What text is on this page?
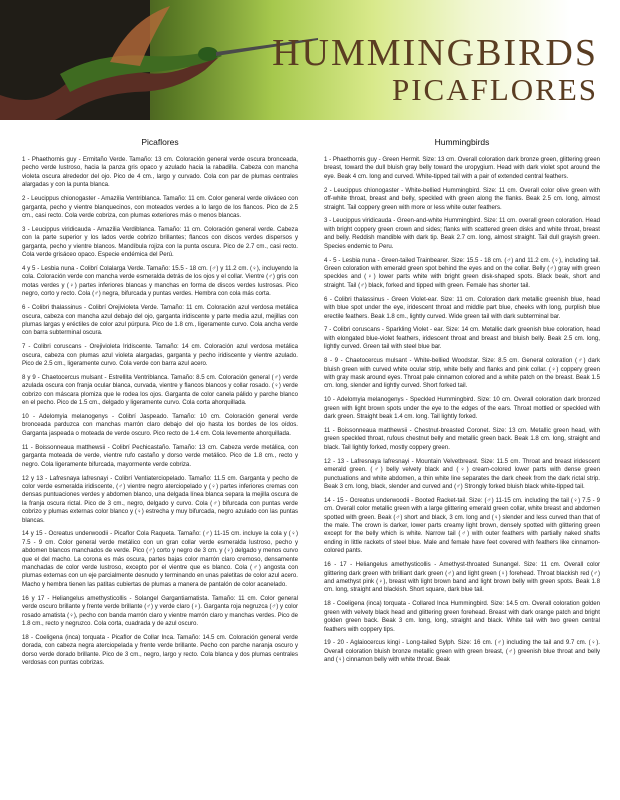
HUMMINGBIRDS
PICAFLORES
Picaflores

1 - Phaethornis guy - Ermitaño Verde. Tamaño: 13 cm. Coloración general verde oscura bronceada, pecho verde lustroso, hacia la panza gris opaco y azulado hacia la rabadilla. Cabeza con mancha violeta oscura alrededor del ojo. Pico de 4 cm., largo y curvado. Cola con par de plumas centrales alargadas y con la punta blanca.

2 - Leucippus chionogaster - Amazilia Ventriblanca. Tamaño: 11 cm. Color general verde oliváceo con garganta, pecho y vientre blanquecinos, con moteados verdes a lo largo de los flancos. Pico de 2.5 cm., casi recto. Cola verde cobriza, con plumas exteriores más o menos blancas.

3 - Leucippus viridicauda - Amazilia Verdiblanca. Tamaño: 11 cm. Coloración general verde. Cabeza con la parte superior y los lados verde cobrizo brillantes; flancos con discos verdes dispersos y garganta, pecho y vientre blancos. Mandíbula rojiza con la punta oscura. Pico de 2.7 cm., casi recto. Cola verde grisáceo opaco. Especie endémica del Perú.

4 y 5 - Lesbia nuna - Colibrí Colalarga Verde. Tamaño: 15.5 - 18 cm. (♂) y 11.2 cm. (♀), incluyendo la cola. Coloración verde con mancha verde esmeralda detrás de los ojos y el collar. Vientre (♂) gris con motas verdes y (♀) partes inferiores blancas y manchas en forma de discos verdes lustrosas. Pico negro, corto y recto. Cola (♂) negra, bifurcada y puntas verdes. Hembra con cola más corta.

6 - Colibri thalassinus - Colibrí Orejivioleta Verde. Tamaño: 11 cm. Coloración azul verdosa metálica oscura, cabeza con mancha azul debajo del ojo, garganta iridiscente y parte media azul, mejillas con plumas largas y eréctiles de color azul púrpura. Pico de 1.8 cm., ligeramente curvo. Cola ancha verde con barra subterminal oscura.

7 - Colibri coruscans - Orejivioleta Iridiscente. Tamaño: 14 cm. Coloración azul verdosa metálica oscura, cabeza con plumas azul violeta alargadas, garganta y pecho iridiscente y vientre azulado. Pico de 2.5 cm., ligeramente curvo. Cola verde con barra azul acero.

8 y 9 - Chaetocercus mulsant - Estrellita Ventriblanca. Tamaño: 8.5 cm. Coloración general (♂) verde azulada oscura con franja ocular blanca, curvada, vientre y flancos blancos y collar rosado. (♀) verde cobrizo con máscara plomiza que le rodea los ojos. Garganta de color canela pálido y parche blanco en el pecho. Pico de 1.5 cm., delgado y ligeramente curvo. Cola corta ahorquillada.

10 - Adelomyia melanogenys - Colibrí Jaspeado. Tamaño: 10 cm. Coloración general verde bronceada parduzca con manchas marrón claro debajo del ojo hasta los bordes de los oídos. Garganta jaspeada o moteada de verde oscuro. Pico recto de 1.4 cm. Cola levemente ahorquillada.

11 - Boissonneaua matthewsii - Colibrí Pechicastaño. Tamaño: 13 cm. Cabeza verde metálica, con garganta moteada de verde, vientre rufo castaño y dorso verde metálico. Pico de 1.8 cm., recto y negro. Cola ligeramente bifurcada, mayormente verde cobriza.

12 y 13 - Lafresnaya lafresnayi - Colibrí Ventiaterciopelado. Tamaño: 11.5 cm. Garganta y pecho de color verde esmeralda iridiscente, (♂) vientre negro aterciopelado y (♀) partes inferiores cremas con densas puntuaciones verdes y abdomen blanco, una delgada línea blanca separa la mejilla oscura de la franja oscura rictal. Pico de 3 cm., negro, delgado y curvo. Cola (♂) bifurcada con puntas verde cobrizo y plumas externas color blanco y (♀) estrecha y muy bifurcada, negro azulado con las puntas blancas.

14 y 15 - Ocreatus underwoodii - Picaflor Cola Raqueta. Tamaño: (♂) 11-15 cm. incluye la cola y (♀) 7.5 - 9 cm. Color general verde metálico con un gran collar verde esmeralda lustroso, pecho y abdomen blancos manchados de verde. Pico (♂) corto y negro de 3 cm. y (♀) delgado y menos curvo que el del macho. La corona es más oscura, partes bajas color marrón claro cremoso, densamente manchadas de color verde lustroso, excepto por el vientre que es blanco. Cola (♂) angosta con plumas externas con un eje parcialmente desnudo y terminando en unas paletitas de color azul acero. Macho y hembra tienen las patitas cubiertas de plumas a manera de pantalón de color acanelado.

16 y 17 - Heliangelus amethysticollis - Solangel Gargantiamatista. Tamaño: 11 cm. Color general verde oscuro brillante y frente verde brillante (♂) y verde claro (♀). Garganta roja negruzca (♂) y color rosado amatista (♀), pecho con banda marrón claro y vientre marrón claro y manchas verdes. Pico de 1.8 cm., recto y negruzco. Cola corta, cuadrada y de azul oscuro.

18 - Coeligena (inca) torquata - Picaflor de Collar Inca. Tamaño: 14.5 cm. Coloración general verde dorada, con cabeza negra aterciopelada y frente verde brillante. Pecho con parche naranja oscuro y dorso verde dorado brillante. Pico de 3 cm., negro, largo y recto. Cola blanca y dos plumas centrales verdosas con puntas cobrizas.

Hummingbirds

1 - Phaethornis guy - Green Hermit. Size: 13 cm. Overall coloration dark bronze green, glittering green breast, toward the dull bluish gray belly toward the uropygium. Head with dark violet spot around the eye. Beak 4 cm. long and curved. White-tipped tail with a pair of extended central feathers.

2 - Leucippus chionogaster - White-bellied Hummingbird. Size: 11 cm. Overall color olive green with off-white throat, breast and belly, speckled with green along the flanks. Beak 2.5 cm. long, almost straight. Tail coppery green with more or less white outer feathers.

3 - Leucippus viridicauda - Green-and-white Hummingbird. Size: 11 cm. overall green coloration. Head with bright coppery green crown and sides; flanks with scattered green disks and white throat, breast and belly. Reddish mandible with dark tip. Beak 2.7 cm. long, almost straight. Tail dull grayish green. Species endemic to Peru.

4 - 5 - Lesbia nuna - Green-tailed Trainbearer. Size: 15.5 - 18 cm. (♂) and 11.2 cm. (♀), including tail. Green coloration with emerald green spot behind the eyes and on the collar. Belly (♂) gray with green speckles and (♀) lower parts white with bright green disk-shaped spots. Black beak, short and straight. Tail (♂) black, forked and tipped with green. Female has shorter tail.

6 - Colibri thalassinus - Green Violet-ear. Size: 11 cm. Coloration dark metallic greenish blue, head with blue spot under the eye, iridescent throat and middle part blue, cheeks with long, purplish blue erectile feathers. Beak 1.8 cm., lightly curved. Wide green tail with dark subterminal bar.

7 - Colibri coruscans - Sparkling Violet - ear. Size: 14 cm. Metallic dark greenish blue coloration, head with elongated blue-violet feathers, iridescent throat and breast and bluish belly. Beak 2.5 cm. long, lightly curved. Green tail with steel blue bar.

8 - 9 - Chaetocercus mulsant - White-bellied Woodstar. Size: 8.5 cm. General coloration (♂) dark bluish green with curved white ocular strip, white belly and flanks and pink collar. (♀) coppery green with gray mask around eyes. Throat pale cinnamon colored and a white patch on the breast. Beak 1.5 cm. long, slender and lightly curved. Short forked tail.

10 - Adelomyia melanogenys - Speckled Hummingbird. Size: 10 cm. Overall coloration dark bronzed green with light brown spots under the eye to the edges of the ears. Throat mottled or speckled with dark green. Straight beak 1.4 cm. long. Tail lightly forked.

11 - Boissonneaua matthewsii - Chestnut-breasted Coronet. Size: 13 cm. Metallic green head, with green speckled throat, rufous chestnut belly and metallic green back. Beak 1.8 cm. long, straight and black. Tail lightly forked, mostly coppery green.

12 - 13 - Lafresnaya lafresnayi - Mountain Velvetbreast. Size: 11.5 cm. Throat and breast iridescent emerald green. (♂) belly velvety black and (♀) cream-colored lower parts with dense green punctuations and white abdomen, a thin white line separates the dark cheek from the dark rictal strip. Beak 3 cm. long, black, slender and curved and (♂) Strongly forked bluish black white-tipped tail.

14 - 15 - Ocreatus underwoodii - Booted Racket-tail. Size: (♂) 11-15 cm. including the tail (♀) 7.5 - 9 cm. Overall color metallic green with a large glittering emerald green collar, white breast and abdomen spotted with green. Beak (♂) short and black, 3 cm. long and (♀) slender and less curved than that of the male. The crown is darker, lower parts creamy light brown, densely spotted with glittering green except for the belly which is white. Narrow tail (♂) with outer feathers with partially naked shafts ending in little rackets of steel blue. Male and female have feet covered with feathers like cinnamon-colored pants.

16 - 17 - Heliangelus amethysticollis - Amethyst-throated Sunangel. Size: 11 cm. Overall color glittering dark green with brilliant dark green (♂) and light green (♀) forehead. Throat blackish red (♂) and amethyst pink (♀), breast with light brown band and light brown belly with green spots. Beak 1.8 cm. long, straight and blackish. Short square, dark blue tail.

18 - Coeligena (inca) torquata - Collared Inca Hummingbird. Size: 14.5 cm. Overall coloration golden green with velvety black head and glittering green forehead. Breast with dark orange patch and bright golden green back. Beak 3 cm. long, long, straight and black. White tail with two green central feathers with coppery tips.

19 - 20 - Aglaiocercus kingi - Long-tailed Sylph. Size: 16 cm. (♂) including the tail and 9.7 cm. (♀). Overall coloration bluish bronze metallic green with green breast, (♂) greenish blue throat and belly and (♀) cinnamon belly with white throat. Beak
